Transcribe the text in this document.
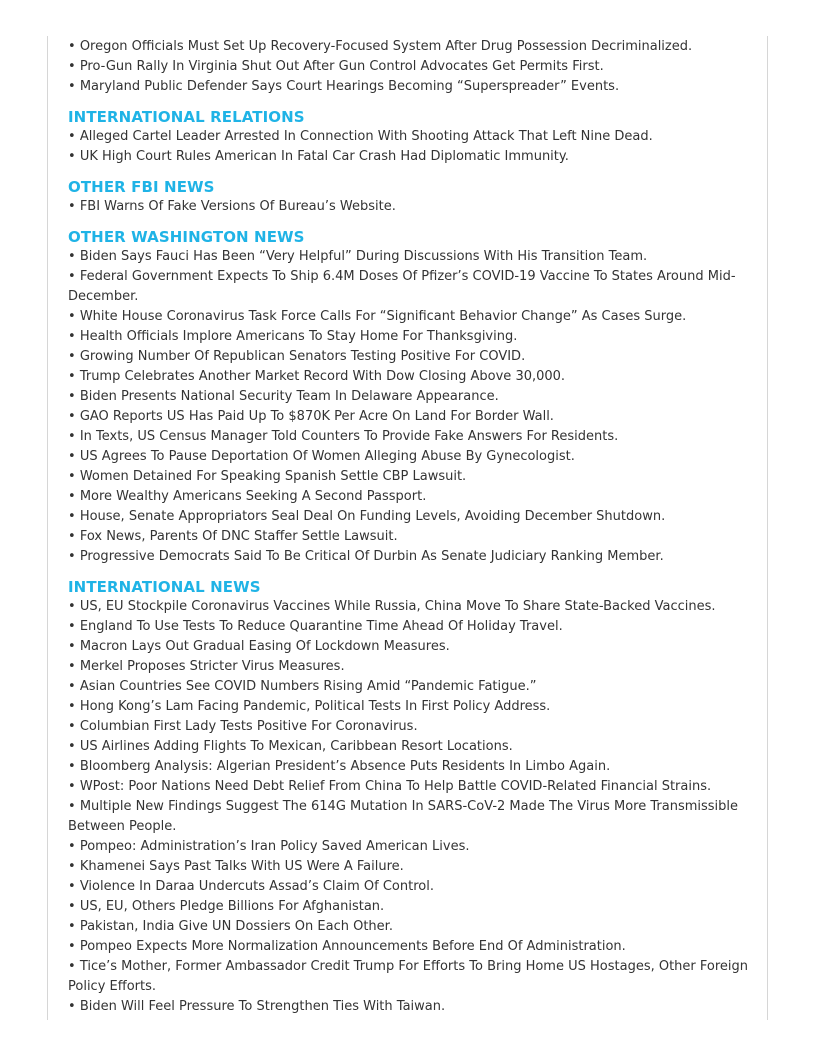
• Oregon Officials Must Set Up Recovery-Focused System After Drug Possession Decriminalized.

• Pro-Gun Rally In Virginia Shut Out After Gun Control Advocates Get Permits First.

• Maryland Public Defender Says Court Hearings Becoming “Superspreader” Events.

INTERNATIONAL RELATIONS

• Alleged Cartel Leader Arrested In Connection With Shooting Attack That Left Nine Dead.

• UK High Court Rules American In Fatal Car Crash Had Diplomatic Immunity.

OTHER FBI NEWS

• FBI Warns Of Fake Versions Of Bureau’s Website.

OTHER WASHINGTON NEWS

• Biden Says Fauci Has Been “Very Helpful” During Discussions With His Transition Team.

• Federal Government Expects To Ship 6.4M Doses Of Pfizer’s COVID-19 Vaccine To States Around Mid-December.

• White House Coronavirus Task Force Calls For “Significant Behavior Change” As Cases Surge.

• Health Officials Implore Americans To Stay Home For Thanksgiving.

• Growing Number Of Republican Senators Testing Positive For COVID.

• Trump Celebrates Another Market Record With Dow Closing Above 30,000.

• Biden Presents National Security Team In Delaware Appearance.

• GAO Reports US Has Paid Up To $870K Per Acre On Land For Border Wall.

• In Texts, US Census Manager Told Counters To Provide Fake Answers For Residents.

• US Agrees To Pause Deportation Of Women Alleging Abuse By Gynecologist.

• Women Detained For Speaking Spanish Settle CBP Lawsuit.

• More Wealthy Americans Seeking A Second Passport.

• House, Senate Appropriators Seal Deal On Funding Levels, Avoiding December Shutdown.

• Fox News, Parents Of DNC Staffer Settle Lawsuit.

• Progressive Democrats Said To Be Critical Of Durbin As Senate Judiciary Ranking Member.

INTERNATIONAL NEWS

• US, EU Stockpile Coronavirus Vaccines While Russia, China Move To Share State-Backed Vaccines.

• England To Use Tests To Reduce Quarantine Time Ahead Of Holiday Travel.

• Macron Lays Out Gradual Easing Of Lockdown Measures.

• Merkel Proposes Stricter Virus Measures.

• Asian Countries See COVID Numbers Rising Amid “Pandemic Fatigue.”

• Hong Kong’s Lam Facing Pandemic, Political Tests In First Policy Address.

• Columbian First Lady Tests Positive For Coronavirus.

• US Airlines Adding Flights To Mexican, Caribbean Resort Locations.

• Bloomberg Analysis: Algerian President’s Absence Puts Residents In Limbo Again.

• WPost: Poor Nations Need Debt Relief From China To Help Battle COVID-Related Financial Strains.

• Multiple New Findings Suggest The 614G Mutation In SARS-CoV-2 Made The Virus More Transmissible Between People.

• Pompeo: Administration’s Iran Policy Saved American Lives.

• Khamenei Says Past Talks With US Were A Failure.

• Violence In Daraa Undercuts Assad’s Claim Of Control.

• US, EU, Others Pledge Billions For Afghanistan.

• Pakistan, India Give UN Dossiers On Each Other.

• Pompeo Expects More Normalization Announcements Before End Of Administration.

• Tice’s Mother, Former Ambassador Credit Trump For Efforts To Bring Home US Hostages, Other Foreign Policy Efforts.

• Biden Will Feel Pressure To Strengthen Ties With Taiwan.
